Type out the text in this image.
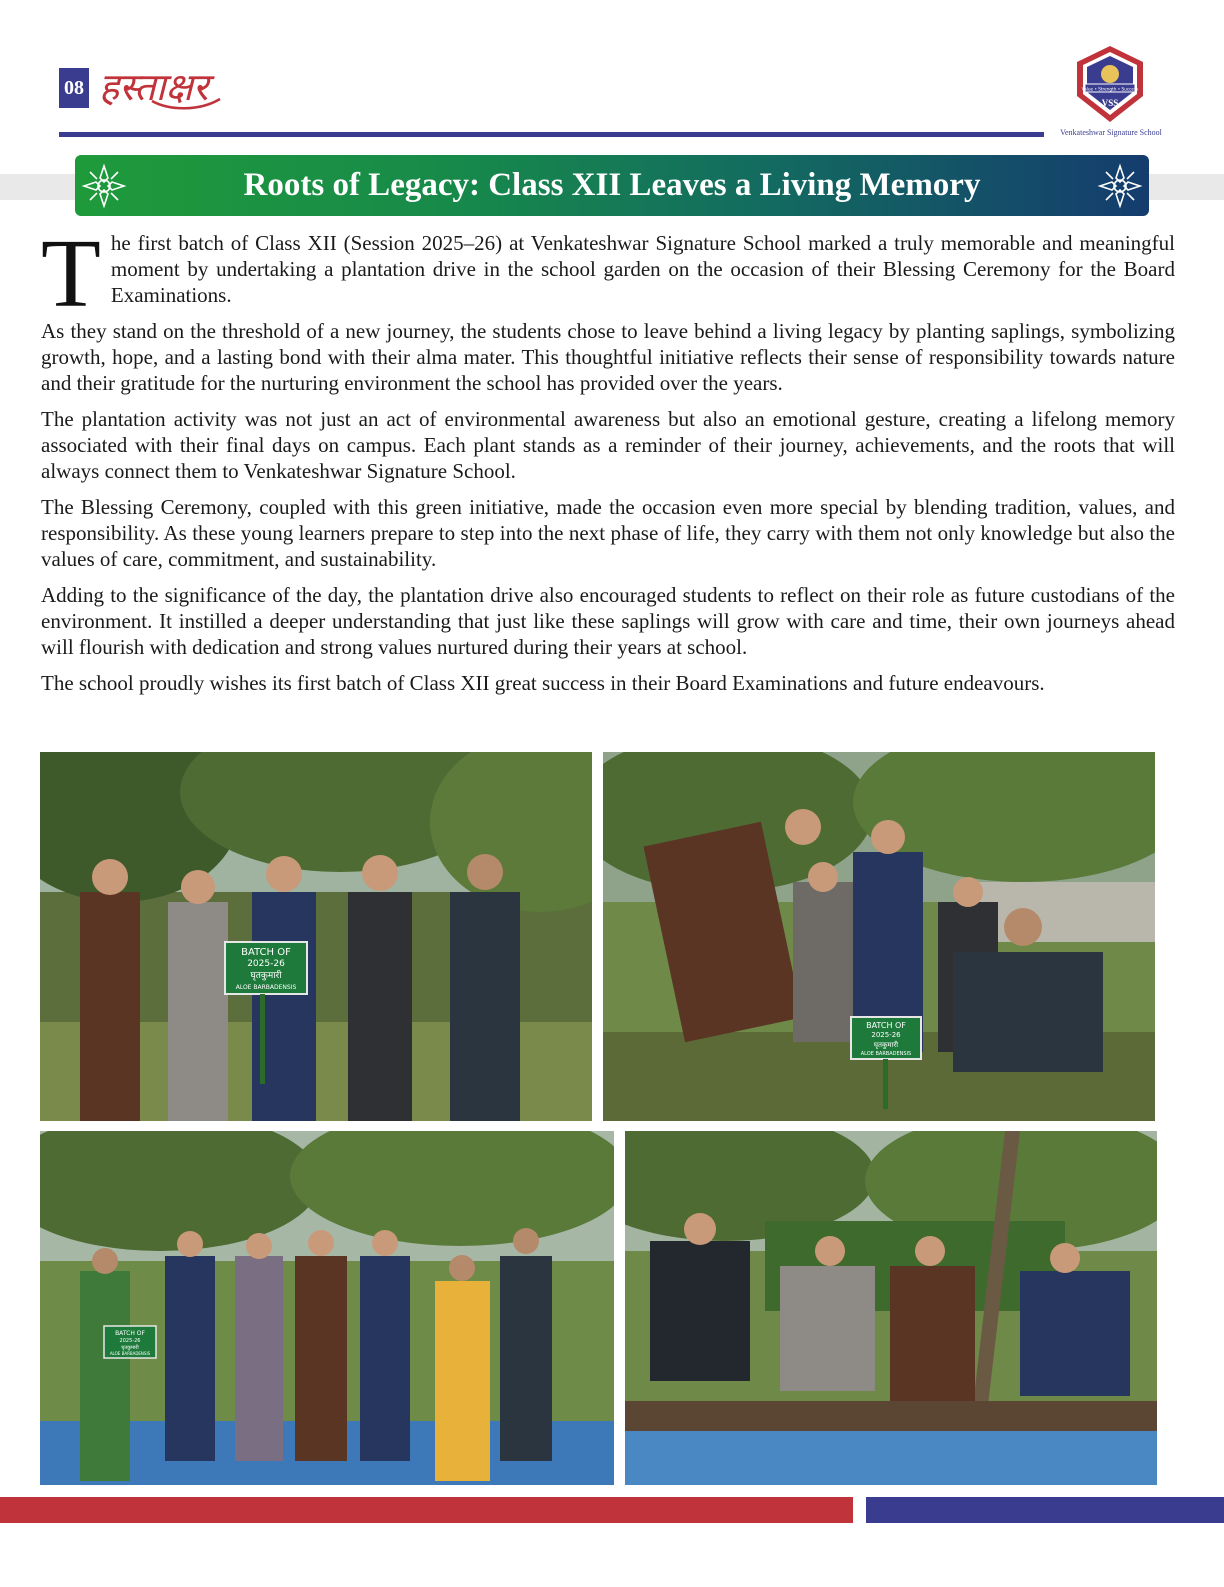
08 हस्ताक्षर	Value • Strength • Success
VSS
Venkateshwar Signature School
Roots of Legacy: Class XII Leaves a Living Memory

T he first batch of Class XII (Session 2025–26) at Venkateshwar Signature School marked a truly memorable and meaningful moment by undertaking a plantation drive in the school garden on the occasion of their Blessing Ceremony for the Board Examinations.

As they stand on the threshold of a new journey, the students chose to leave behind a living legacy by planting saplings, symbolizing growth, hope, and a lasting bond with their alma mater. This thoughtful initiative reflects their sense of responsibility towards nature and their gratitude for the nurturing environment the school has provided over the years.

The plantation activity was not just an act of environmental awareness but also an emotional gesture, creating a lifelong memory associated with their final days on campus. Each plant stands as a reminder of their journey, achievements, and the roots that will always connect them to Venkateshwar Signature School.

The Blessing Ceremony, coupled with this green initiative, made the occasion even more special by blending tradition, values, and responsibility. As these young learners prepare to step into the next phase of life, they carry with them not only knowledge but also the values of care, commitment, and sustainability.

Adding to the significance of the day, the plantation drive also encouraged students to reflect on their role as future custodians of the environment. It instilled a deeper understanding that just like these saplings will grow with care and time, their own journeys ahead will flourish with dedication and strong values nurtured during their years at school.

The school proudly wishes its first batch of Class XII great success in their Board Examinations and future endeavours.

BATCH OF
2025-26
घृतकुमारी
ALOE BARBADENSIS
BATCH OF
2025-26
घृतकुमारी
ALOE BARBADENSIS
BATCH OF
2025-26
घृतकुमारी
ALOE BARBADENSIS
